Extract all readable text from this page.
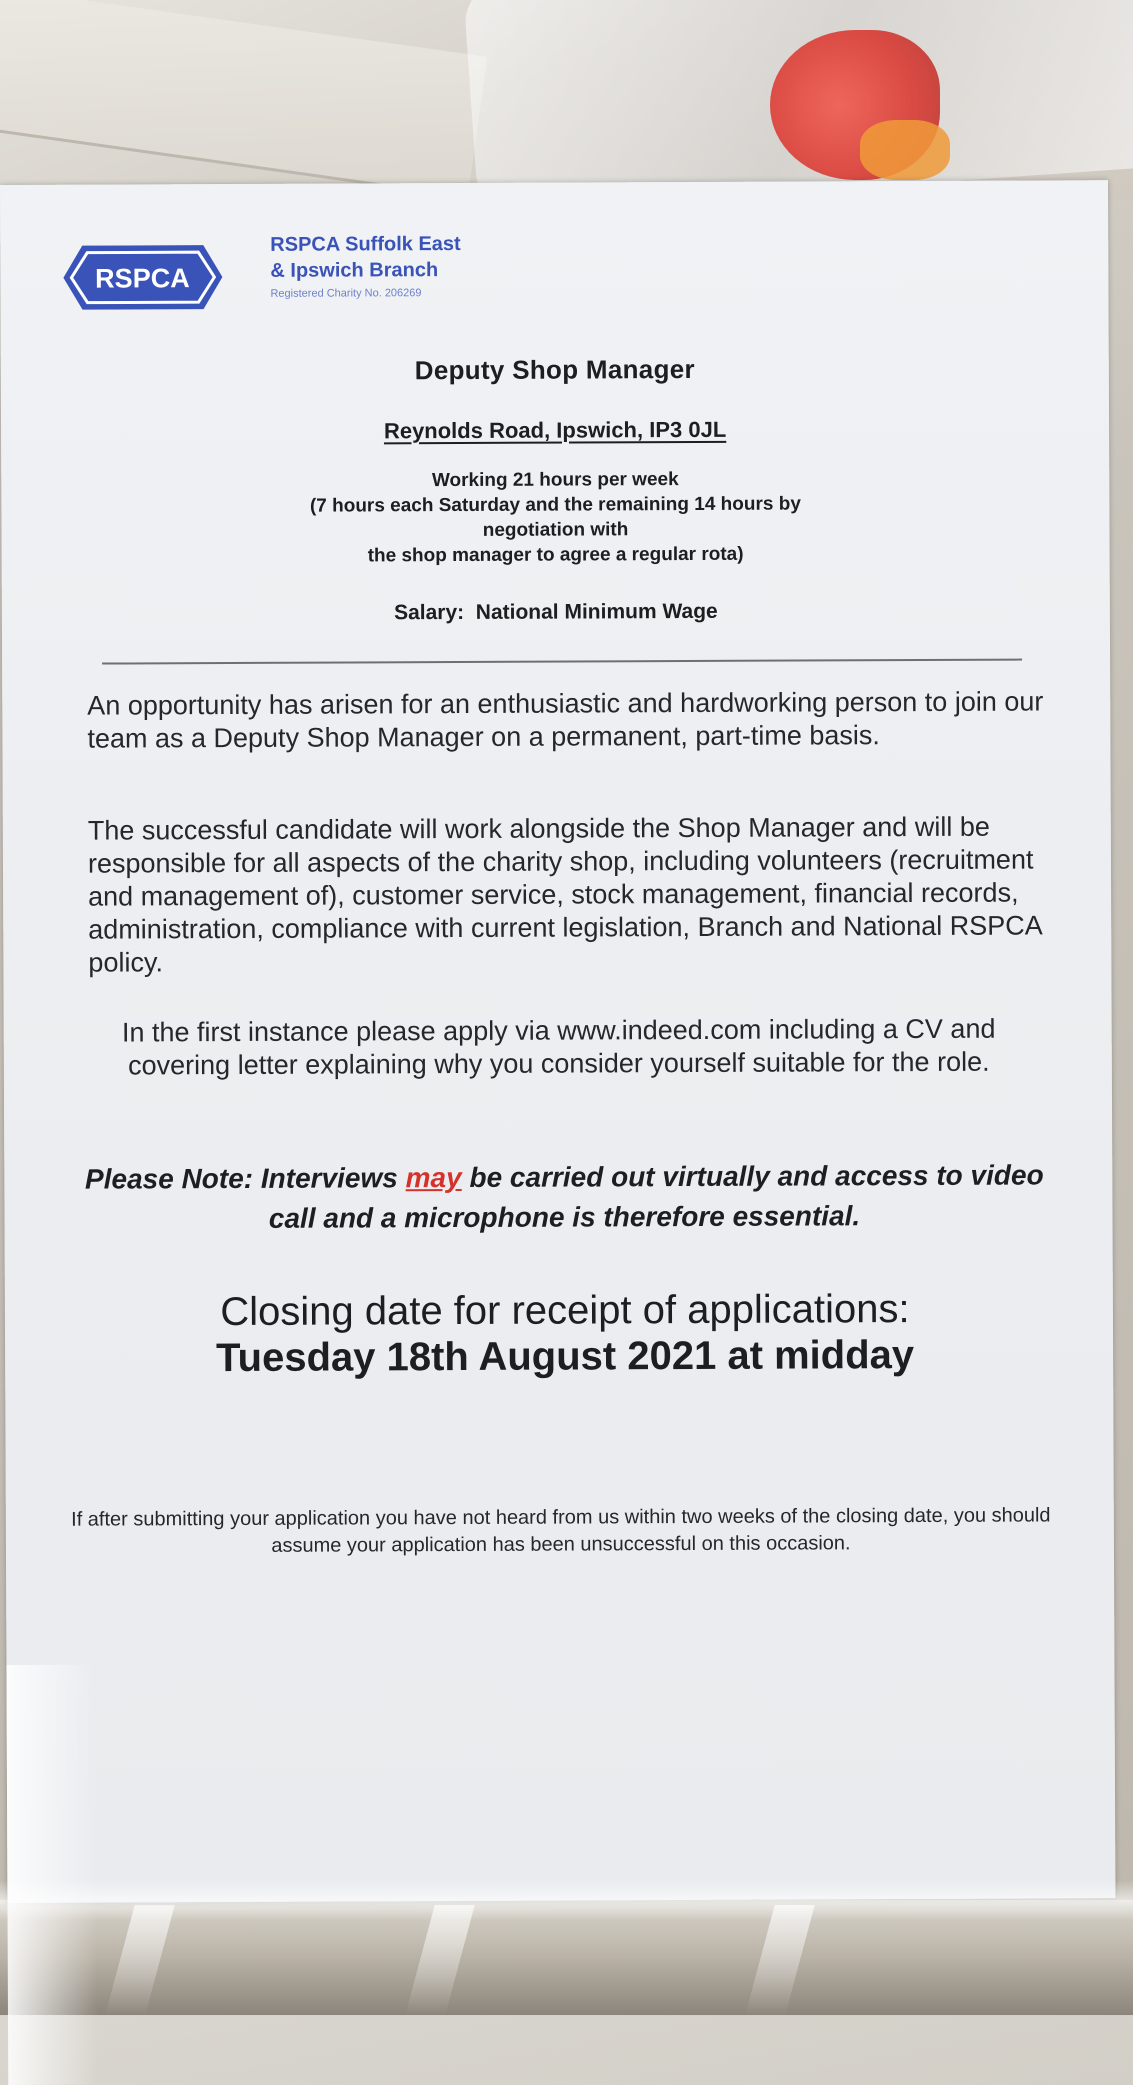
RSPCA
RSPCA Suffolk East
& Ipswich Branch
Registered Charity No. 206269
Deputy Shop Manager
Reynolds Road, Ipswich, IP3 0JL
Working 21 hours per week
(7 hours each Saturday and the remaining 14 hours by
negotiation with
the shop manager to agree a regular rota)
Salary: National Minimum Wage
An opportunity has arisen for an enthusiastic and hardworking person to join our team as a Deputy Shop Manager on a permanent, part-time basis.
The successful candidate will work alongside the Shop Manager and will be responsible for all aspects of the charity shop, including volunteers (recruitment and management of), customer service, stock management, financial records, administration, compliance with current legislation, Branch and National RSPCA policy.
In the first instance please apply via www.indeed.com including a CV and covering letter explaining why you consider yourself suitable for the role.
Please Note: Interviews may be carried out virtually and access to video call and a microphone is therefore essential.
Closing date for receipt of applications:
Tuesday 18th August 2021 at midday
If after submitting your application you have not heard from us within two weeks of the closing date, you should assume your application has been unsuccessful on this occasion.
